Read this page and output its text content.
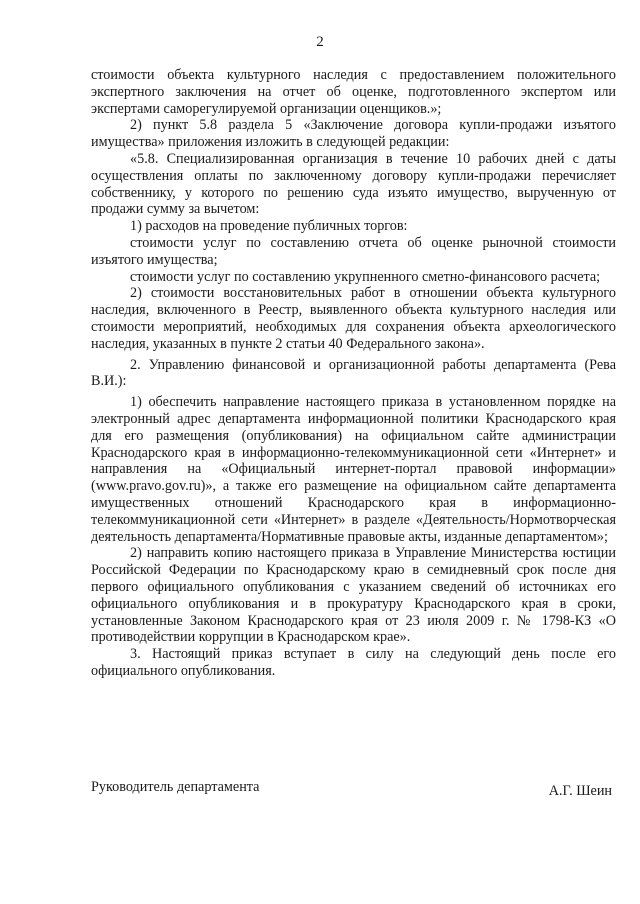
2

стоимости объекта культурного наследия с предоставлением положительного экспертного заключения на отчет об оценке, подготовленного экспертом или экспертами саморегулируемой организации оценщиков.»;

2) пункт 5.8 раздела 5 «Заключение договора купли-продажи изъятого имущества» приложения изложить в следующей редакции:

«5.8. Специализированная организация в течение 10 рабочих дней с даты осуществления оплаты по заключенному договору купли-продажи перечисляет собственнику, у которого по решению суда изъято имущество, вырученную от продажи сумму за вычетом:

1) расходов на проведение публичных торгов:

стоимости услуг по составлению отчета об оценке рыночной стоимости изъятого имущества;

стоимости услуг по составлению укрупненного сметно-финансового расчета;

2) стоимости восстановительных работ в отношении объекта культурного наследия, включенного в Реестр, выявленного объекта культурного наследия или стоимости мероприятий, необходимых для сохранения объекта археологического наследия, указанных в пункте 2 статьи 40 Федерального закона».

2. Управлению финансовой и организационной работы департамента (Рева В.И.):

1) обеспечить направление настоящего приказа в установленном порядке на электронный адрес департамента информационной политики Краснодарского края для его размещения (опубликования) на официальном сайте администрации Краснодарского края в информационно-телекоммуникационной сети «Интернет» и направления на «Официальный интернет-портал правовой информации» (www.pravo.gov.ru)», а также его размещение на официальном сайте департамента имущественных отношений Краснодарского края в информационно-телекоммуникационной сети «Интернет» в разделе «Деятельность/Нормотворческая деятельность департамента/Нормативные правовые акты, изданные департаментом»;

2) направить копию настоящего приказа в Управление Министерства юстиции Российской Федерации по Краснодарскому краю в семидневный срок после дня первого официального опубликования с указанием сведений об источниках его официального опубликования и в прокуратуру Краснодарского края в сроки, установленные Законом Краснодарского края от 23 июля 2009 г. № 1798-КЗ «О противодействии коррупции в Краснодарском крае».

3. Настоящий приказ вступает в силу на следующий день после его официального опубликования.

Руководитель департамента	А.Г. Шеин
